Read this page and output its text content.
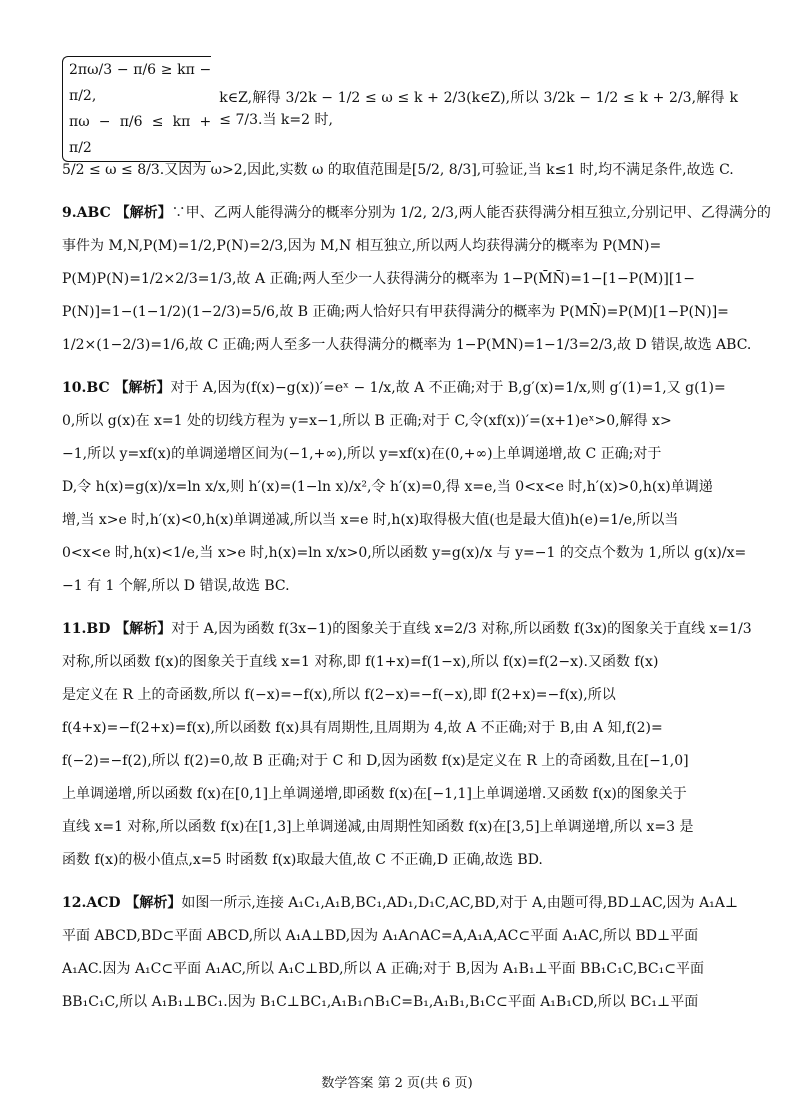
2πω/3 − π/6 ≥ kπ − π/2,
πω − π/6 ≤ kπ + π/2
k∈Z,解得 3/2k − 1/2 ≤ ω ≤ k + 2/3(k∈Z),所以 3/2k − 1/2 ≤ k + 2/3,解得 k ≤ 7/3.当 k=2 时,
5/2 ≤ ω ≤ 8/3.又因为 ω>2,因此,实数 ω 的取值范围是[5/2, 8/3],可验证,当 k≤1 时,均不满足条件,故选 C.
9.ABC 【解析】∵甲、乙两人能得满分的概率分别为 1/2, 2/3,两人能否获得满分相互独立,分别记甲、乙得满分的
事件为 M,N,P(M)=1/2,P(N)=2/3,因为 M,N 相互独立,所以两人均获得满分的概率为 P(MN)=
P(M)P(N)=1/2×2/3=1/3,故 A 正确;两人至少一人获得满分的概率为 1−P(M̄N̄)=1−[1−P(M)][1−
P(N)]=1−(1−1/2)(1−2/3)=5/6,故 B 正确;两人恰好只有甲获得满分的概率为 P(MN̄)=P(M)[1−P(N)]=
1/2×(1−2/3)=1/6,故 C 正确;两人至多一人获得满分的概率为 1−P(MN)=1−1/3=2/3,故 D 错误,故选 ABC.
10.BC 【解析】对于 A,因为(f(x)−g(x))′=eˣ − 1/x,故 A 不正确;对于 B,g′(x)=1/x,则 g′(1)=1,又 g(1)=
0,所以 g(x)在 x=1 处的切线方程为 y=x−1,所以 B 正确;对于 C,令(xf(x))′=(x+1)eˣ>0,解得 x>
−1,所以 y=xf(x)的单调递增区间为(−1,+∞),所以 y=xf(x)在(0,+∞)上单调递增,故 C 正确;对于
D,令 h(x)=g(x)/x=ln x/x,则 h′(x)=(1−ln x)/x²,令 h′(x)=0,得 x=e,当 0<x<e 时,h′(x)>0,h(x)单调递
增,当 x>e 时,h′(x)<0,h(x)单调递减,所以当 x=e 时,h(x)取得极大值(也是最大值)h(e)=1/e,所以当
0<x<e 时,h(x)<1/e,当 x>e 时,h(x)=ln x/x>0,所以函数 y=g(x)/x 与 y=−1 的交点个数为 1,所以 g(x)/x=
−1 有 1 个解,所以 D 错误,故选 BC.
11.BD 【解析】对于 A,因为函数 f(3x−1)的图象关于直线 x=2/3 对称,所以函数 f(3x)的图象关于直线 x=1/3
对称,所以函数 f(x)的图象关于直线 x=1 对称,即 f(1+x)=f(1−x),所以 f(x)=f(2−x).又函数 f(x)
是定义在 R 上的奇函数,所以 f(−x)=−f(x),所以 f(2−x)=−f(−x),即 f(2+x)=−f(x),所以
f(4+x)=−f(2+x)=f(x),所以函数 f(x)具有周期性,且周期为 4,故 A 不正确;对于 B,由 A 知,f(2)=
f(−2)=−f(2),所以 f(2)=0,故 B 正确;对于 C 和 D,因为函数 f(x)是定义在 R 上的奇函数,且在[−1,0]
上单调递增,所以函数 f(x)在[0,1]上单调递增,即函数 f(x)在[−1,1]上单调递增.又函数 f(x)的图象关于
直线 x=1 对称,所以函数 f(x)在[1,3]上单调递减,由周期性知函数 f(x)在[3,5]上单调递增,所以 x=3 是
函数 f(x)的极小值点,x=5 时函数 f(x)取最大值,故 C 不正确,D 正确,故选 BD.
12.ACD 【解析】如图一所示,连接 A₁C₁,A₁B,BC₁,AD₁,D₁C,AC,BD,对于 A,由题可得,BD⊥AC,因为 A₁A⊥
平面 ABCD,BD⊂平面 ABCD,所以 A₁A⊥BD,因为 A₁A∩AC=A,A₁A,AC⊂平面 A₁AC,所以 BD⊥平面
A₁AC.因为 A₁C⊂平面 A₁AC,所以 A₁C⊥BD,所以 A 正确;对于 B,因为 A₁B₁⊥平面 BB₁C₁C,BC₁⊂平面
BB₁C₁C,所以 A₁B₁⊥BC₁.因为 B₁C⊥BC₁,A₁B₁∩B₁C=B₁,A₁B₁,B₁C⊂平面 A₁B₁CD,所以 BC₁⊥平面
数学答案 第 2 页(共 6 页)
